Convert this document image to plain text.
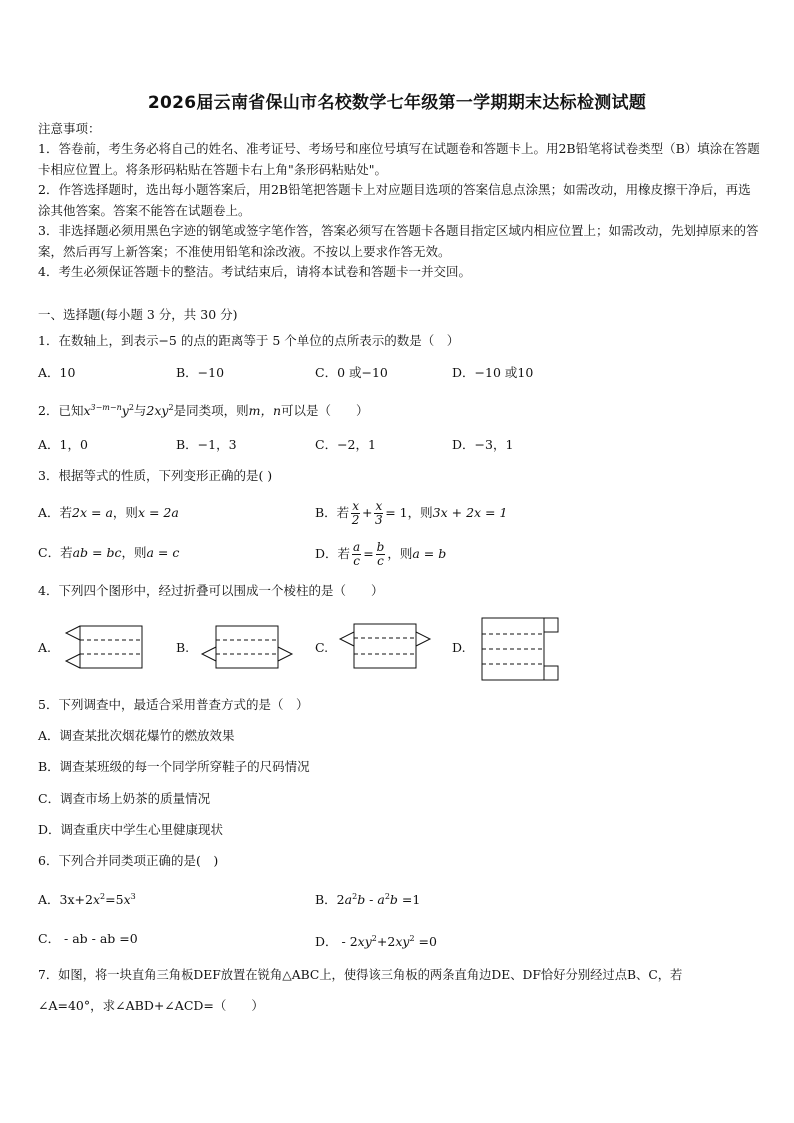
2026届云南省保山市名校数学七年级第一学期期末达标检测试题
注意事项：
1．答卷前，考生务必将自己的姓名、准考证号、考场号和座位号填写在试题卷和答题卡上。用2B铅笔将试卷类型（B）填涂在答题卡相应位置上。将条形码粘贴在答题卡右上角"条形码粘贴处"。
2．作答选择题时，选出每小题答案后，用2B铅笔把答题卡上对应题目选项的答案信息点涂黑；如需改动，用橡皮擦干净后，再选涂其他答案。答案不能答在试题卷上。
3．非选择题必须用黑色字迹的钢笔或签字笔作答，答案必须写在答题卡各题目指定区域内相应位置上；如需改动，先划掉原来的答案，然后再写上新答案；不准使用铅笔和涂改液。不按以上要求作答无效。
4．考生必须保证答题卡的整洁。考试结束后，请将本试卷和答题卡一并交回。
一、选择题(每小题 3 分，共 30 分)
1．在数轴上，到表示−5 的点的距离等于 5 个单位的点所表示的数是（　）
A．10	B．−10	C．0 或−10	D．−10 或10
2．已知$x^{3-m-n}y^2$与$2xy^2$是同类项，则m，n可以是（　　）
A．1，0	B．−1，3	C．−2，1	D．−3，1
3．根据等式的性质，下列变形正确的是( )
A．若2x = a，则x = 2a	B．若 $\frac{x}{2} + \frac{x}{3} = 1$，则3x + 2x = 1
C．若ab = bc，则a = c	D．若 $\frac{a}{c} = \frac{b}{c}$ ，则a = b
4．下列四个图形中，经过折叠可以围成一个棱柱的是（　　）
A.	B.	C.	D.
5．下列调查中，最适合采用普查方式的是（　）
A．调查某批次烟花爆竹的燃放效果
B．调查某班级的每一个同学所穿鞋子的尺码情况
C．调查市场上奶茶的质量情况
D．调查重庆中学生心里健康现状
6．下列合并同类项正确的是(　)
A．$3x+2x^2=5x^3$	B．$2a^2b - a^2b =1$
C． - ab - ab =0	D． - $2xy^2+2xy^2 =0$
7．如图，将一块直角三角板DEF放置在锐角△ABC上，使得该三角板的两条直角边DE、DF恰好分别经过点B、C，若
∠A=40°，求∠ABD+∠ACD=（　　）
